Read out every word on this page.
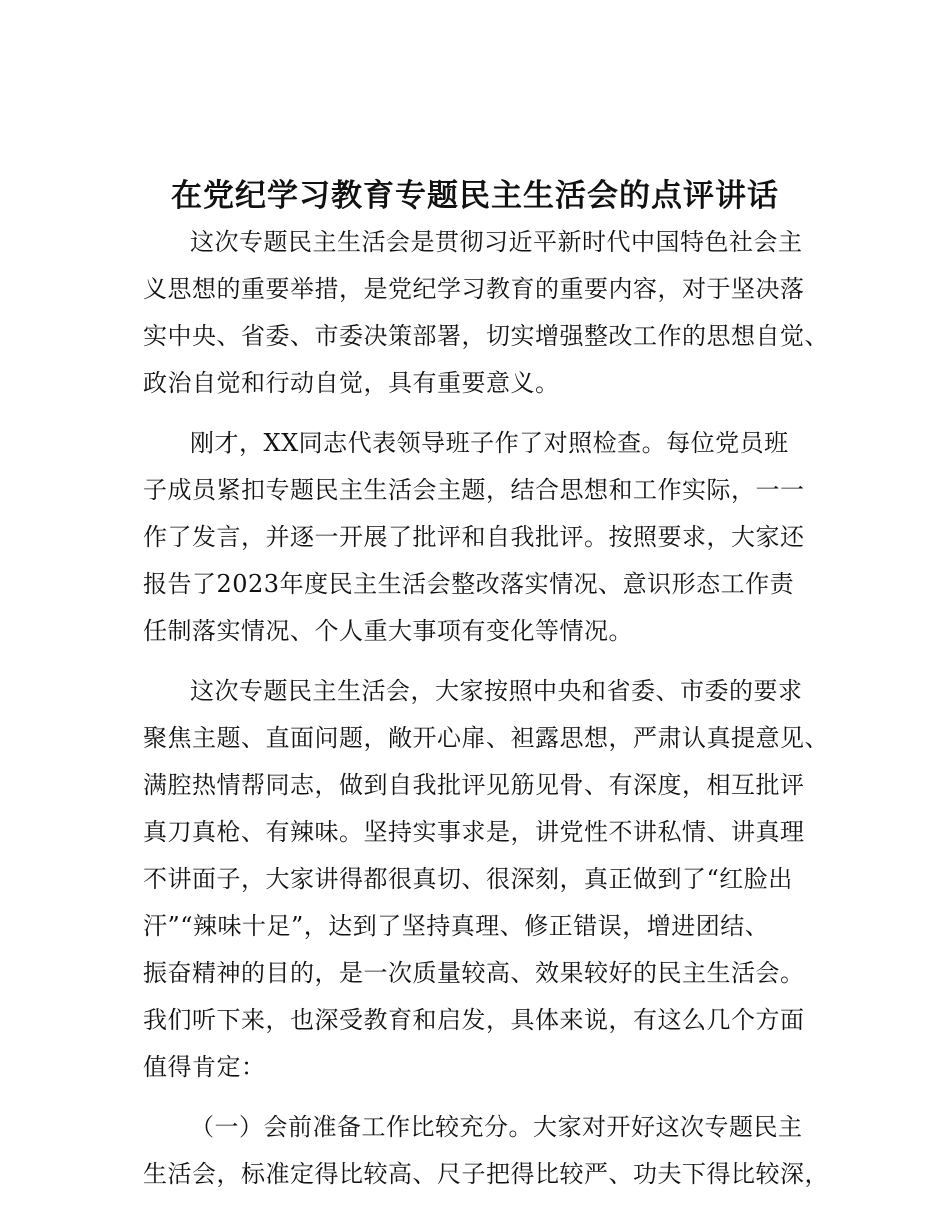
在党纪学习教育专题民主生活会的点评讲话
这次专题民主生活会是贯彻习近平新时代中国特色社会主
义思想的重要举措，是党纪学习教育的重要内容，对于坚决落
实中央、省委、市委决策部署，切实增强整改工作的思想自觉、
政治自觉和行动自觉，具有重要意义。
刚才，XX同志代表领导班子作了对照检查。每位党员班
子成员紧扣专题民主生活会主题，结合思想和工作实际，一一
作了发言，并逐一开展了批评和自我批评。按照要求，大家还
报告了2023年度民主生活会整改落实情况、意识形态工作责
任制落实情况、个人重大事项有变化等情况。
这次专题民主生活会，大家按照中央和省委、市委的要求
聚焦主题、直面问题，敞开心扉、袒露思想，严肃认真提意见、
满腔热情帮同志，做到自我批评见筋见骨、有深度，相互批评
真刀真枪、有辣味。坚持实事求是，讲党性不讲私情、讲真理
不讲面子，大家讲得都很真切、很深刻，真正做到了“红脸出
汗”“辣味十足”，达到了坚持真理、修正错误，增进团结、
振奋精神的目的，是一次质量较高、效果较好的民主生活会。
我们听下来，也深受教育和启发，具体来说，有这么几个方面
值得肯定：
（一）会前准备工作比较充分。大家对开好这次专题民主
生活会，标准定得比较高、尺子把得比较严、功夫下得比较深，
